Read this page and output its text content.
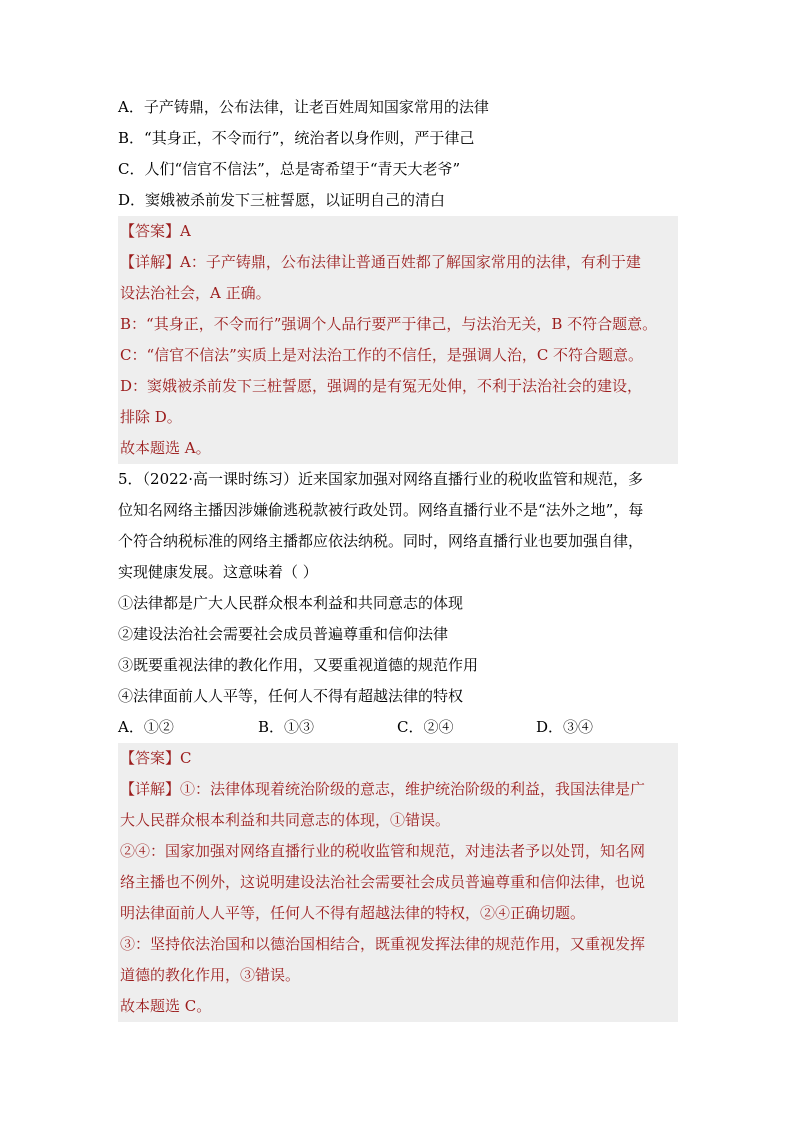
A．子产铸鼎，公布法律，让老百姓周知国家常用的法律
B．“其身正，不令而行”，统治者以身作则，严于律己
C．人们“信官不信法”，总是寄希望于“青天大老爷”
D．窦娥被杀前发下三桩誓愿，以证明自己的清白
【答案】A
【详解】A：子产铸鼎，公布法律让普通百姓都了解国家常用的法律，有利于建
设法治社会，A 正确。
B：“其身正，不令而行”强调个人品行要严于律己，与法治无关，B 不符合题意。
C：“信官不信法”实质上是对法治工作的不信任，是强调人治，C 不符合题意。
D：窦娥被杀前发下三桩誓愿，强调的是有冤无处伸，不利于法治社会的建设，
排除 D。
故本题选 A。
5．（2022·高一课时练习）近来国家加强对网络直播行业的税收监管和规范，多
位知名网络主播因涉嫌偷逃税款被行政处罚。网络直播行业不是“法外之地”，每
个符合纳税标准的网络主播都应依法纳税。同时，网络直播行业也要加强自律，
实现健康发展。这意味着（ ）
①法律都是广大人民群众根本利益和共同意志的体现
②建设法治社会需要社会成员普遍尊重和信仰法律
③既要重视法律的教化作用，又要重视道德的规范作用
④法律面前人人平等，任何人不得有超越法律的特权
A．①②	B．①③	C．②④	D．③④
【答案】C
【详解】①：法律体现着统治阶级的意志，维护统治阶级的利益，我国法律是广
大人民群众根本利益和共同意志的体现，①错误。
②④：国家加强对网络直播行业的税收监管和规范，对违法者予以处罚，知名网
络主播也不例外，这说明建设法治社会需要社会成员普遍尊重和信仰法律，也说
明法律面前人人平等，任何人不得有超越法律的特权，②④正确切题。
③：坚持依法治国和以德治国相结合，既重视发挥法律的规范作用，又重视发挥
道德的教化作用，③错误。
故本题选 C。
